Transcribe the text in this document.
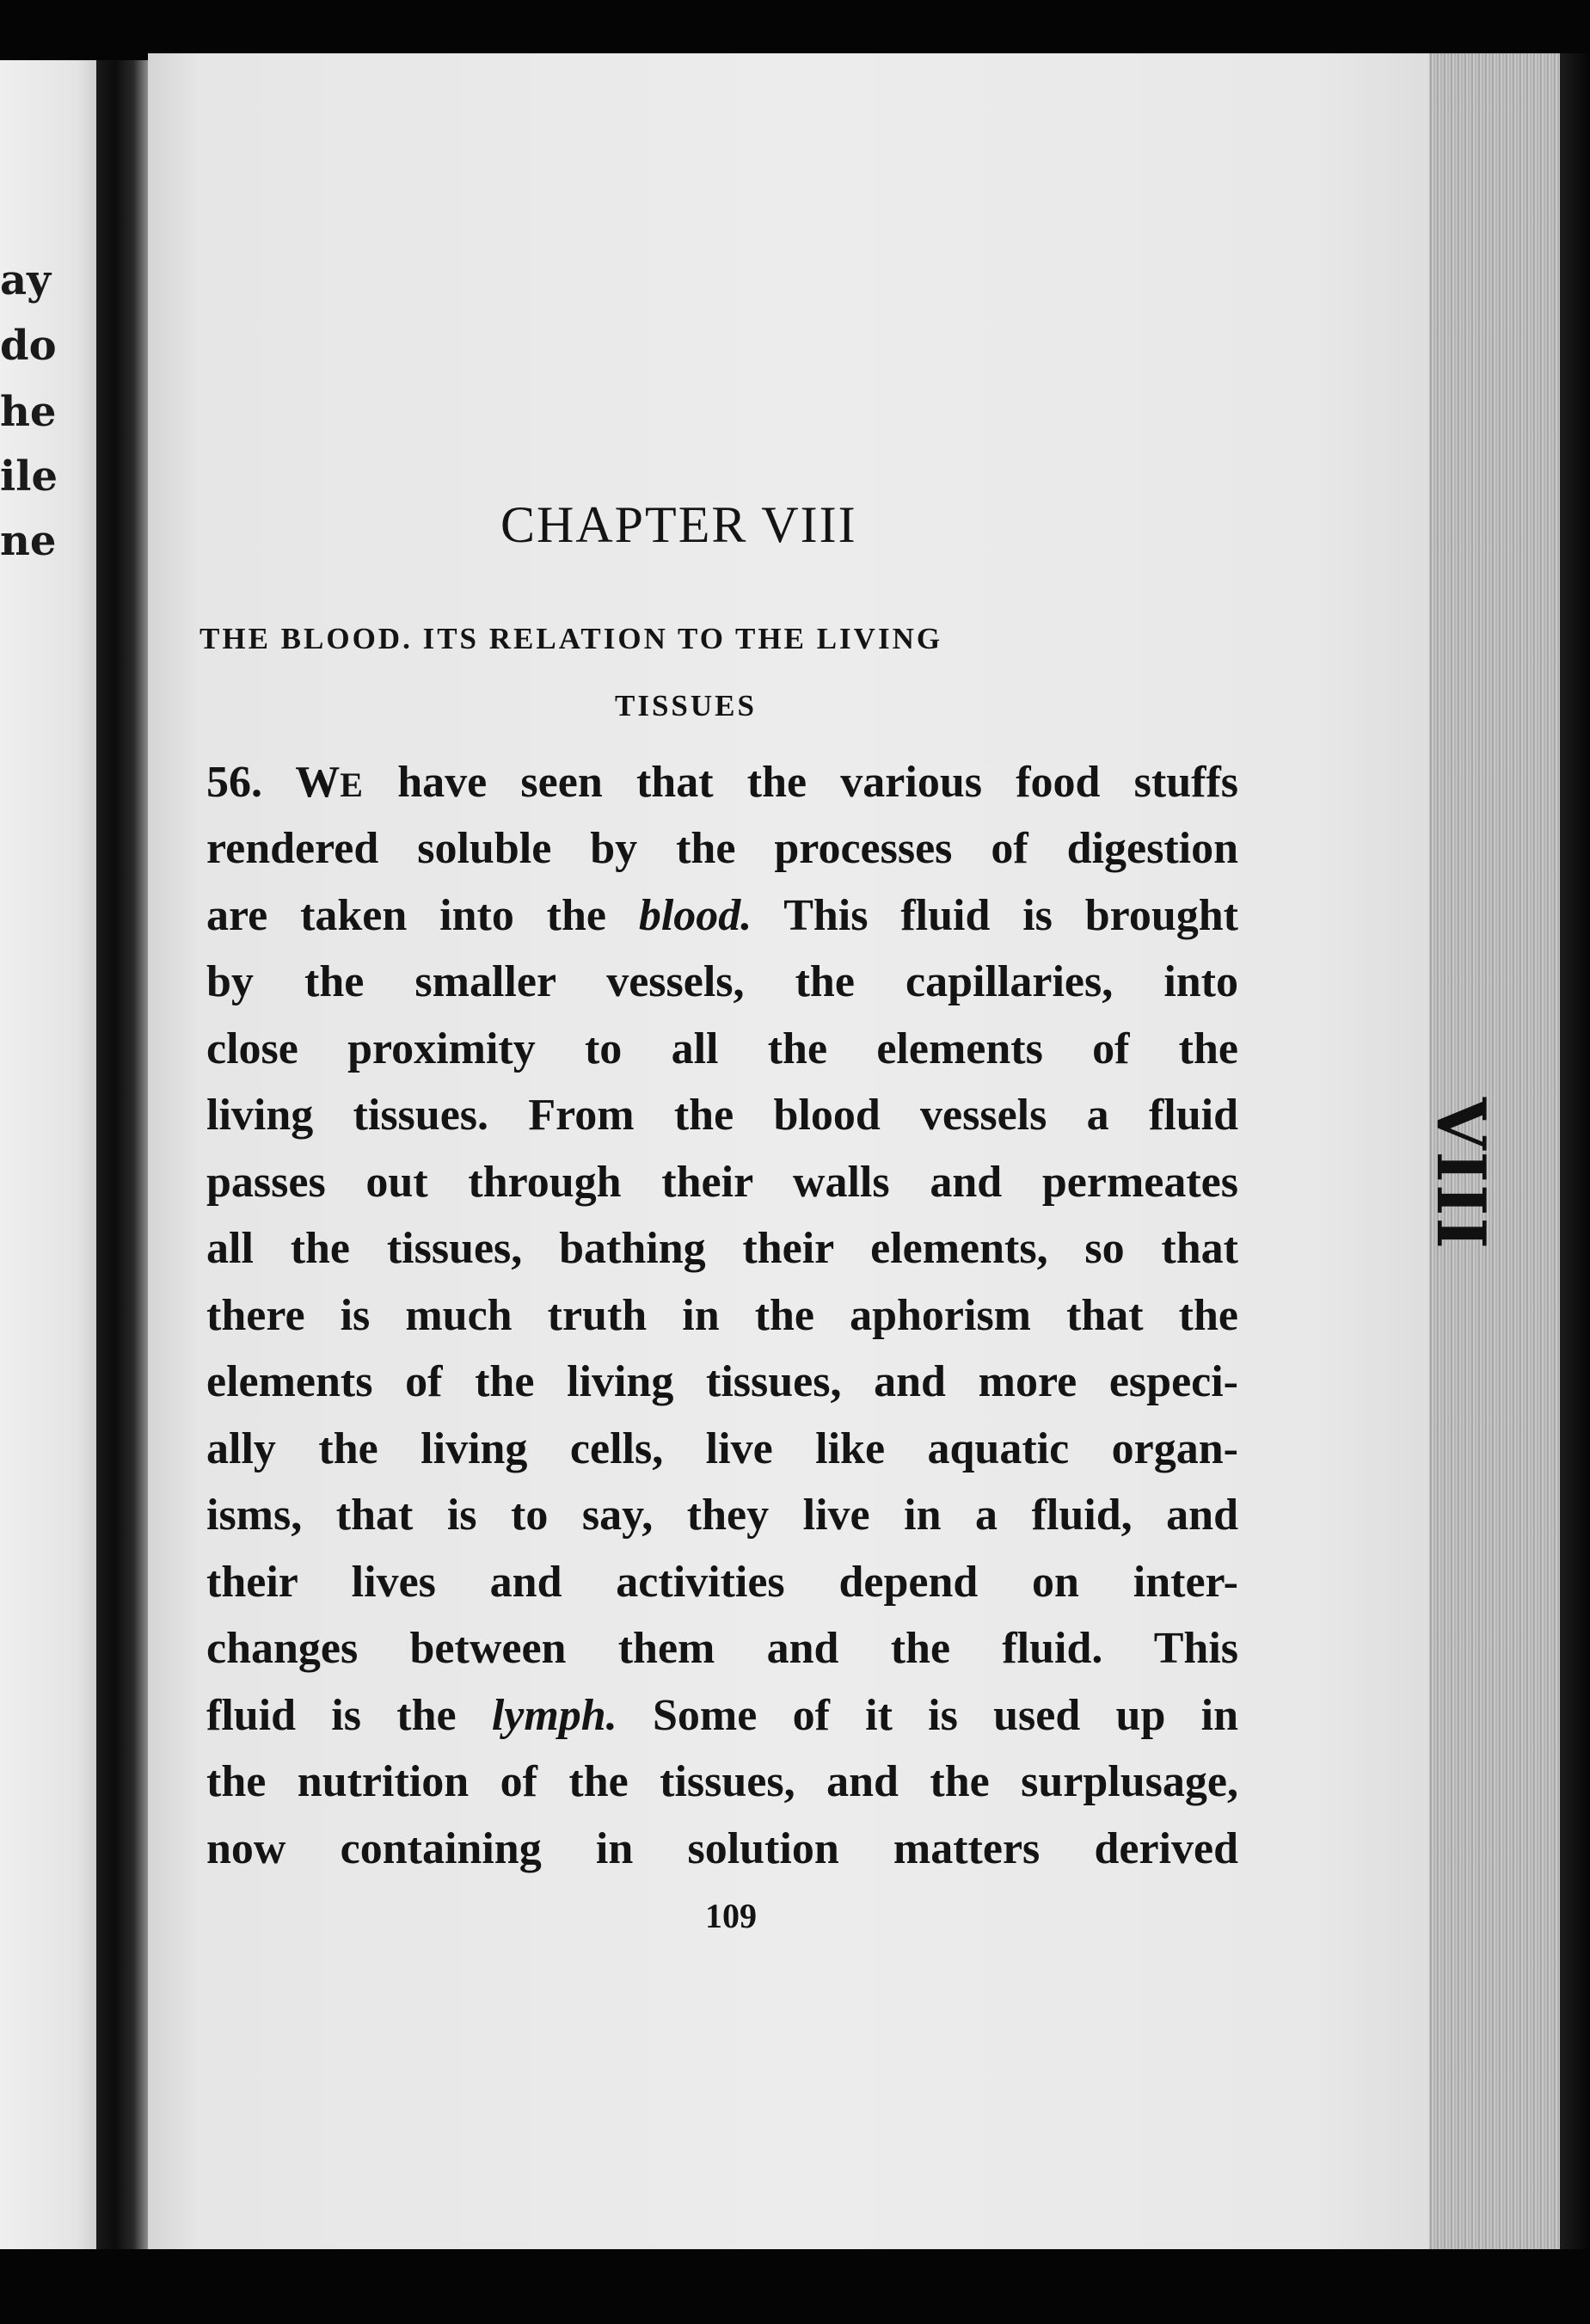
ay
do
he
ile
ne
VIII
CHAPTER VIII
THE BLOOD. ITS RELATION TO THE LIVING
TISSUES
56. WE have seen that the various food stuffs
rendered soluble by the processes of digestion
are taken into the blood. This fluid is brought
by the smaller vessels, the capillaries, into
close proximity to all the elements of the
living tissues. From the blood vessels a fluid
passes out through their walls and permeates
all the tissues, bathing their elements, so that
there is much truth in the aphorism that the
elements of the living tissues, and more especi-
ally the living cells, live like aquatic organ-
isms, that is to say, they live in a fluid, and
their lives and activities depend on inter-
changes between them and the fluid. This
fluid is the lymph. Some of it is used up in
the nutrition of the tissues, and the surplusage,
now containing in solution matters derived
109
